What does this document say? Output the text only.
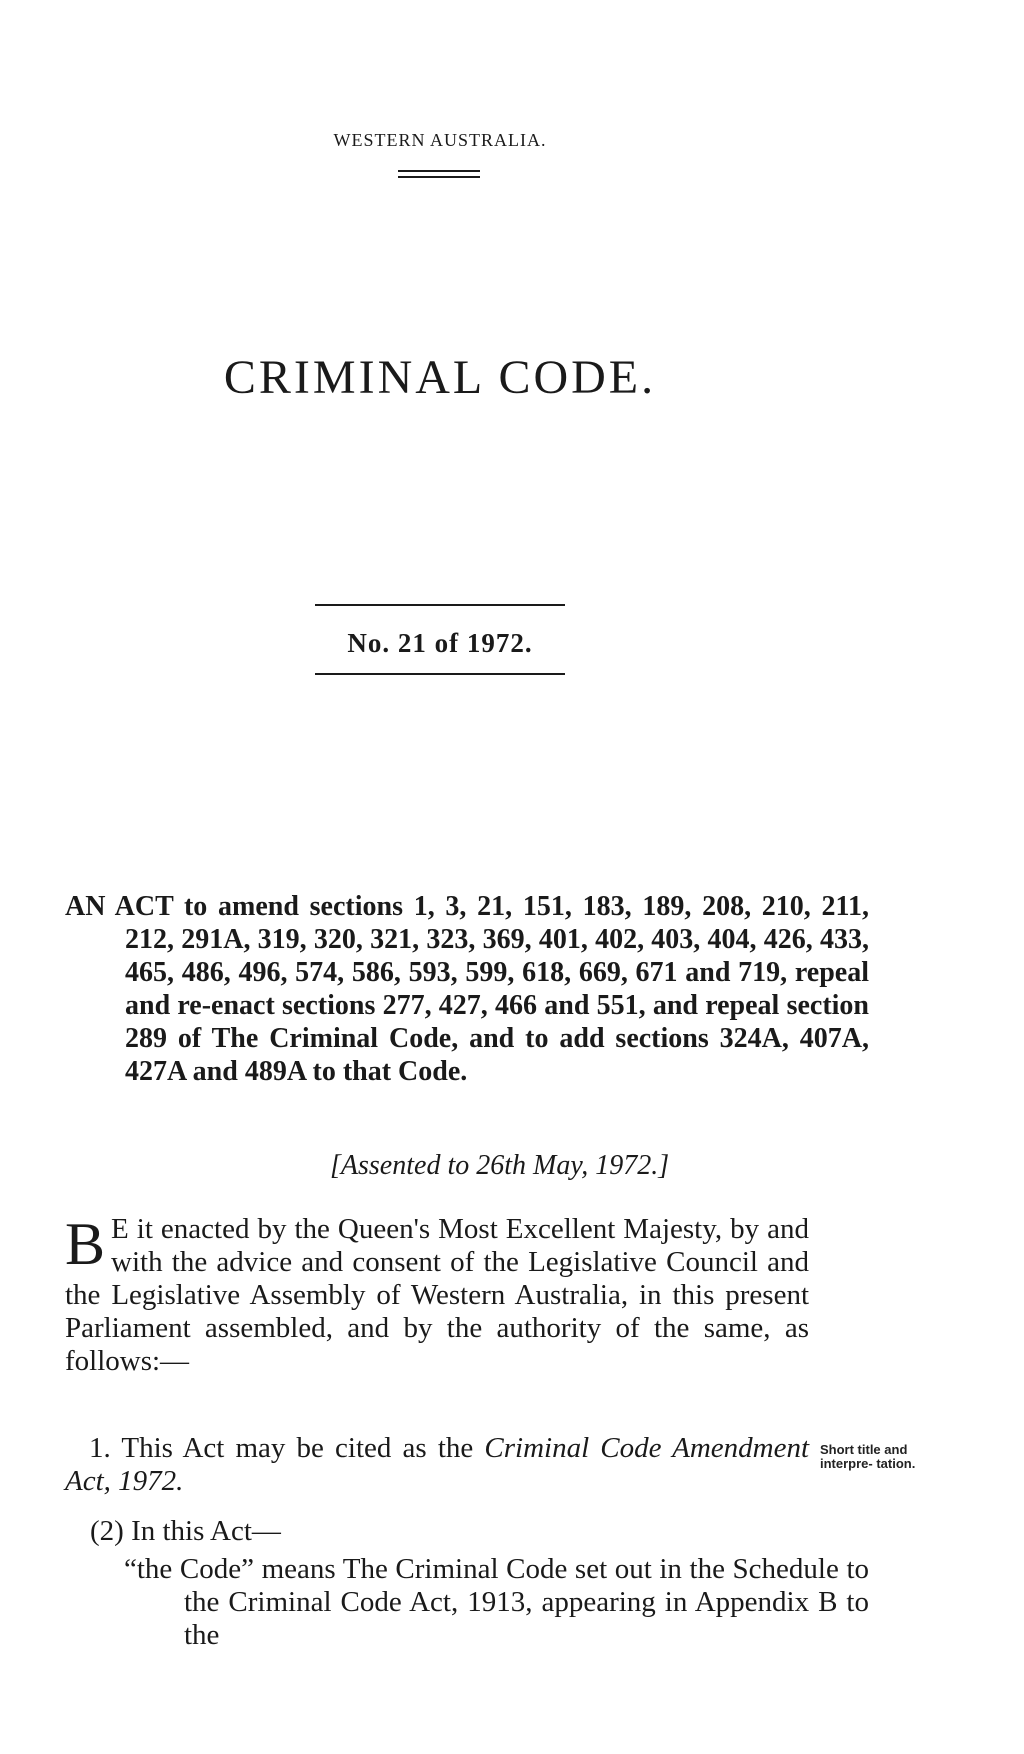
WESTERN AUSTRALIA.
CRIMINAL CODE.
No. 21 of 1972.
AN ACT to amend sections 1, 3, 21, 151, 183, 189, 208, 210, 211, 212, 291A, 319, 320, 321, 323, 369, 401, 402, 403, 404, 426, 433, 465, 486, 496, 574, 586, 593, 599, 618, 669, 671 and 719, repeal and re-enact sections 277, 427, 466 and 551, and repeal section 289 of The Criminal Code, and to add sections 324A, 407A, 427A and 489A to that Code.
[Assented to 26th May, 1972.]
B E it enacted by the Queen's Most Excellent Majesty, by and with the advice and consent of the Legislative Council and the Legislative Assembly of Western Australia, in this present Parliament assembled, and by the authority of the same, as follows:—
1. This Act may be cited as the Criminal Code Amendment Act, 1972.
Short title and interpre- tation.
(2) In this Act—
“the Code” means The Criminal Code set out in the Schedule to the Criminal Code Act, 1913, appearing in Appendix B to the
